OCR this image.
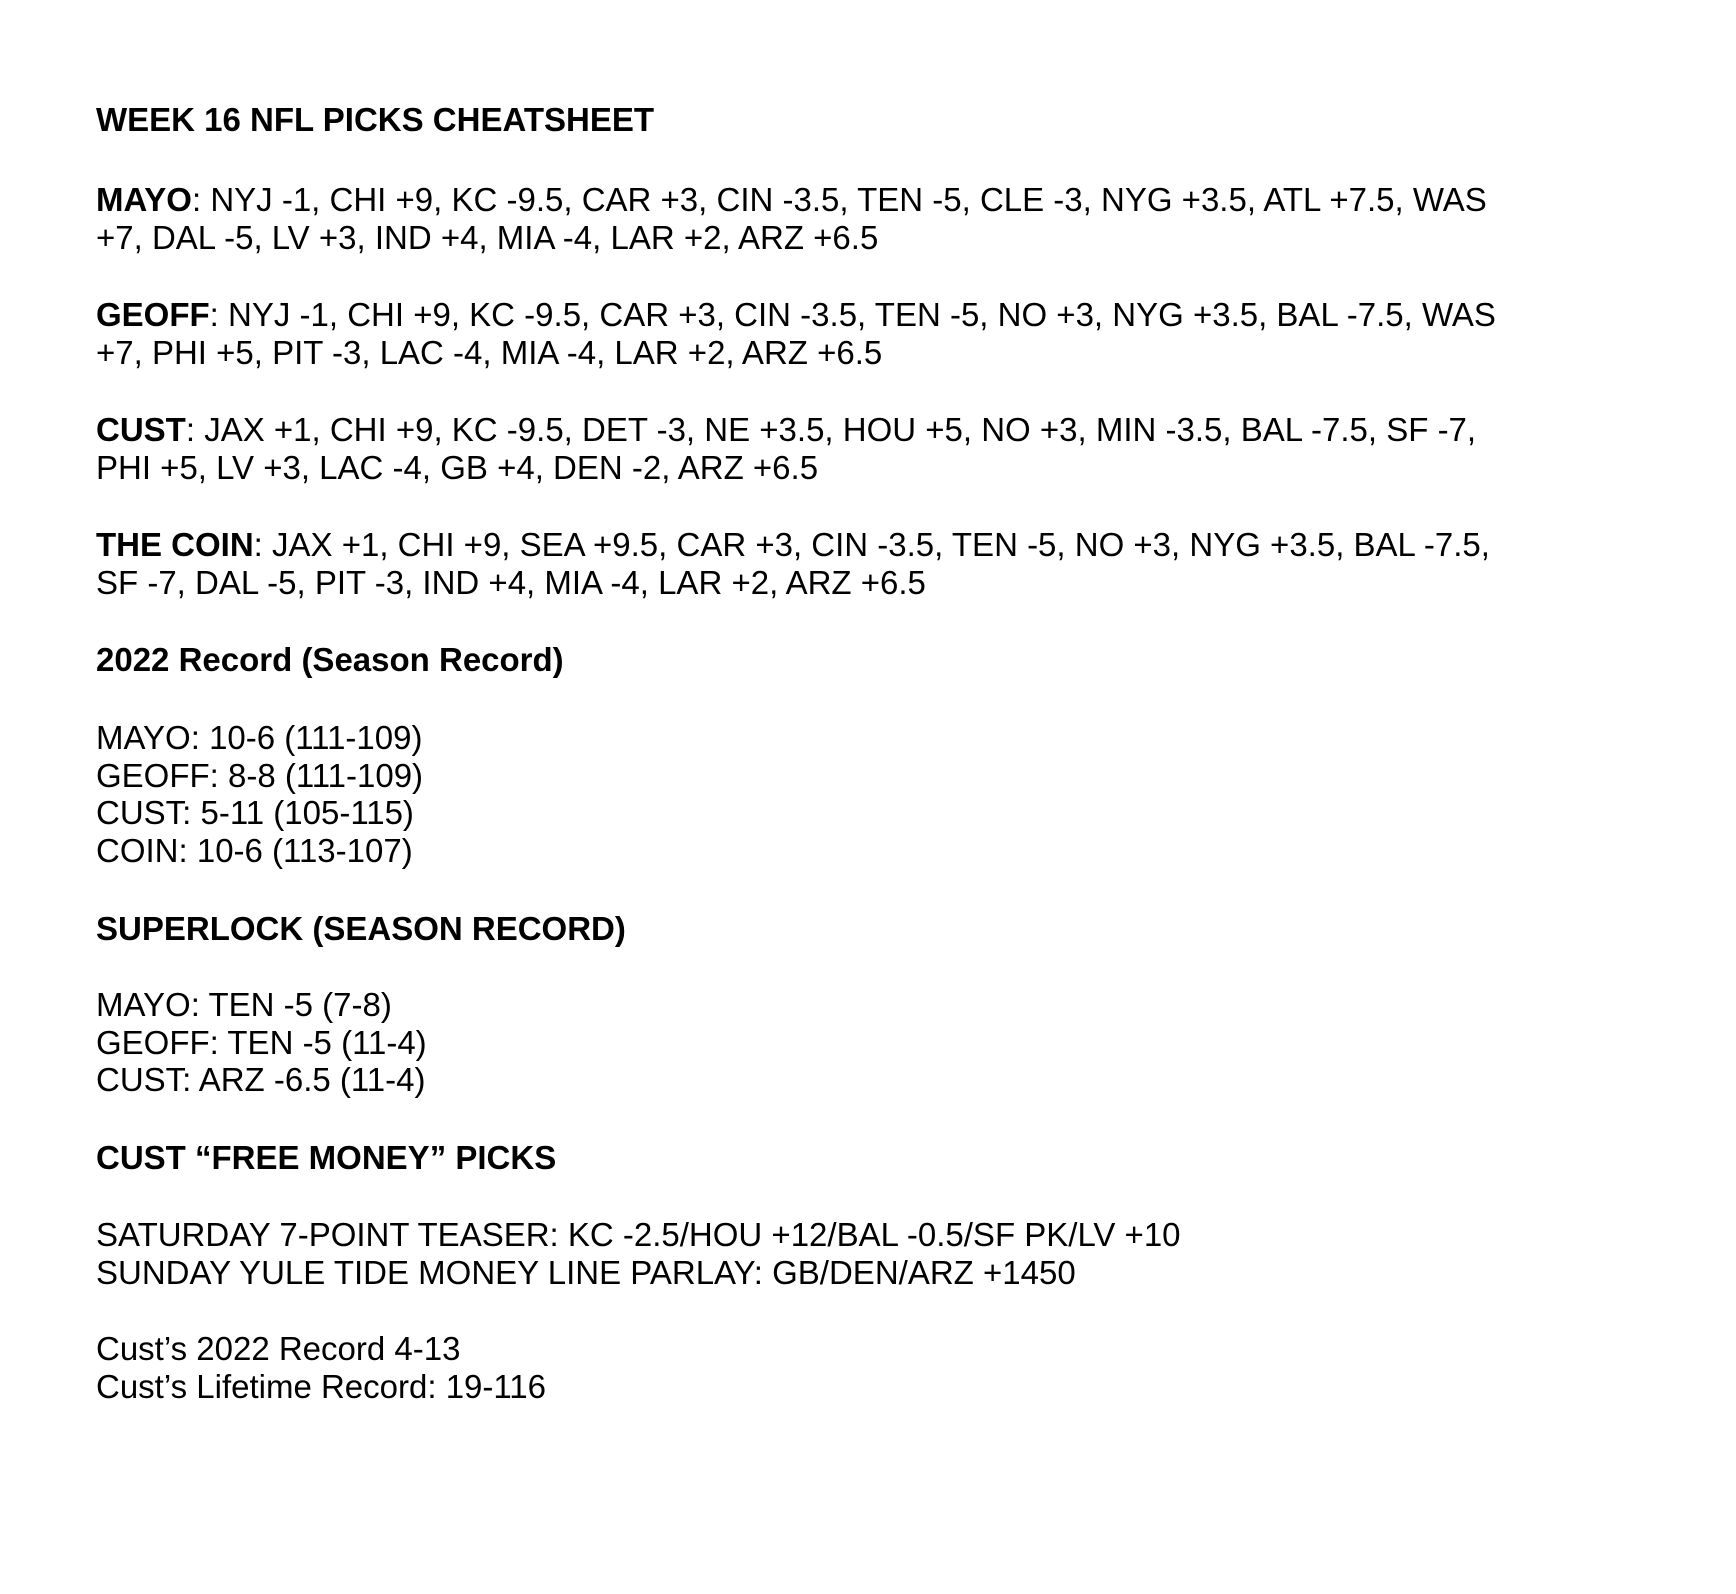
WEEK 16 NFL PICKS CHEATSHEET
MAYO: NYJ -1, CHI +9, KC -9.5, CAR +3, CIN -3.5, TEN -5, CLE -3, NYG +3.5, ATL +7.5, WAS
+7, DAL -5, LV +3, IND +4, MIA -4, LAR +2, ARZ +6.5
GEOFF: NYJ -1, CHI +9, KC -9.5, CAR +3, CIN -3.5, TEN -5, NO +3, NYG +3.5, BAL -7.5, WAS
+7, PHI +5, PIT -3, LAC -4, MIA -4, LAR +2, ARZ +6.5
CUST: JAX +1, CHI +9, KC -9.5, DET -3, NE +3.5, HOU +5, NO +3, MIN -3.5, BAL -7.5, SF -7,
PHI +5, LV +3, LAC -4, GB +4, DEN -2, ARZ +6.5
THE COIN: JAX +1, CHI +9, SEA +9.5, CAR +3, CIN -3.5, TEN -5, NO +3, NYG +3.5, BAL -7.5,
SF -7, DAL -5, PIT -3, IND +4, MIA -4, LAR +2, ARZ +6.5
2022 Record (Season Record)
MAYO: 10-6 (111-109)
GEOFF: 8-8 (111-109)
CUST: 5-11 (105-115)
COIN: 10-6 (113-107)
SUPERLOCK (SEASON RECORD)
MAYO: TEN -5 (7-8)
GEOFF: TEN -5 (11-4)
CUST: ARZ -6.5 (11-4)
CUST “FREE MONEY” PICKS
SATURDAY 7-POINT TEASER: KC -2.5/HOU +12/BAL -0.5/SF PK/LV +10
SUNDAY YULE TIDE MONEY LINE PARLAY: GB/DEN/ARZ +1450
Cust’s 2022 Record 4-13
Cust’s Lifetime Record: 19-116
